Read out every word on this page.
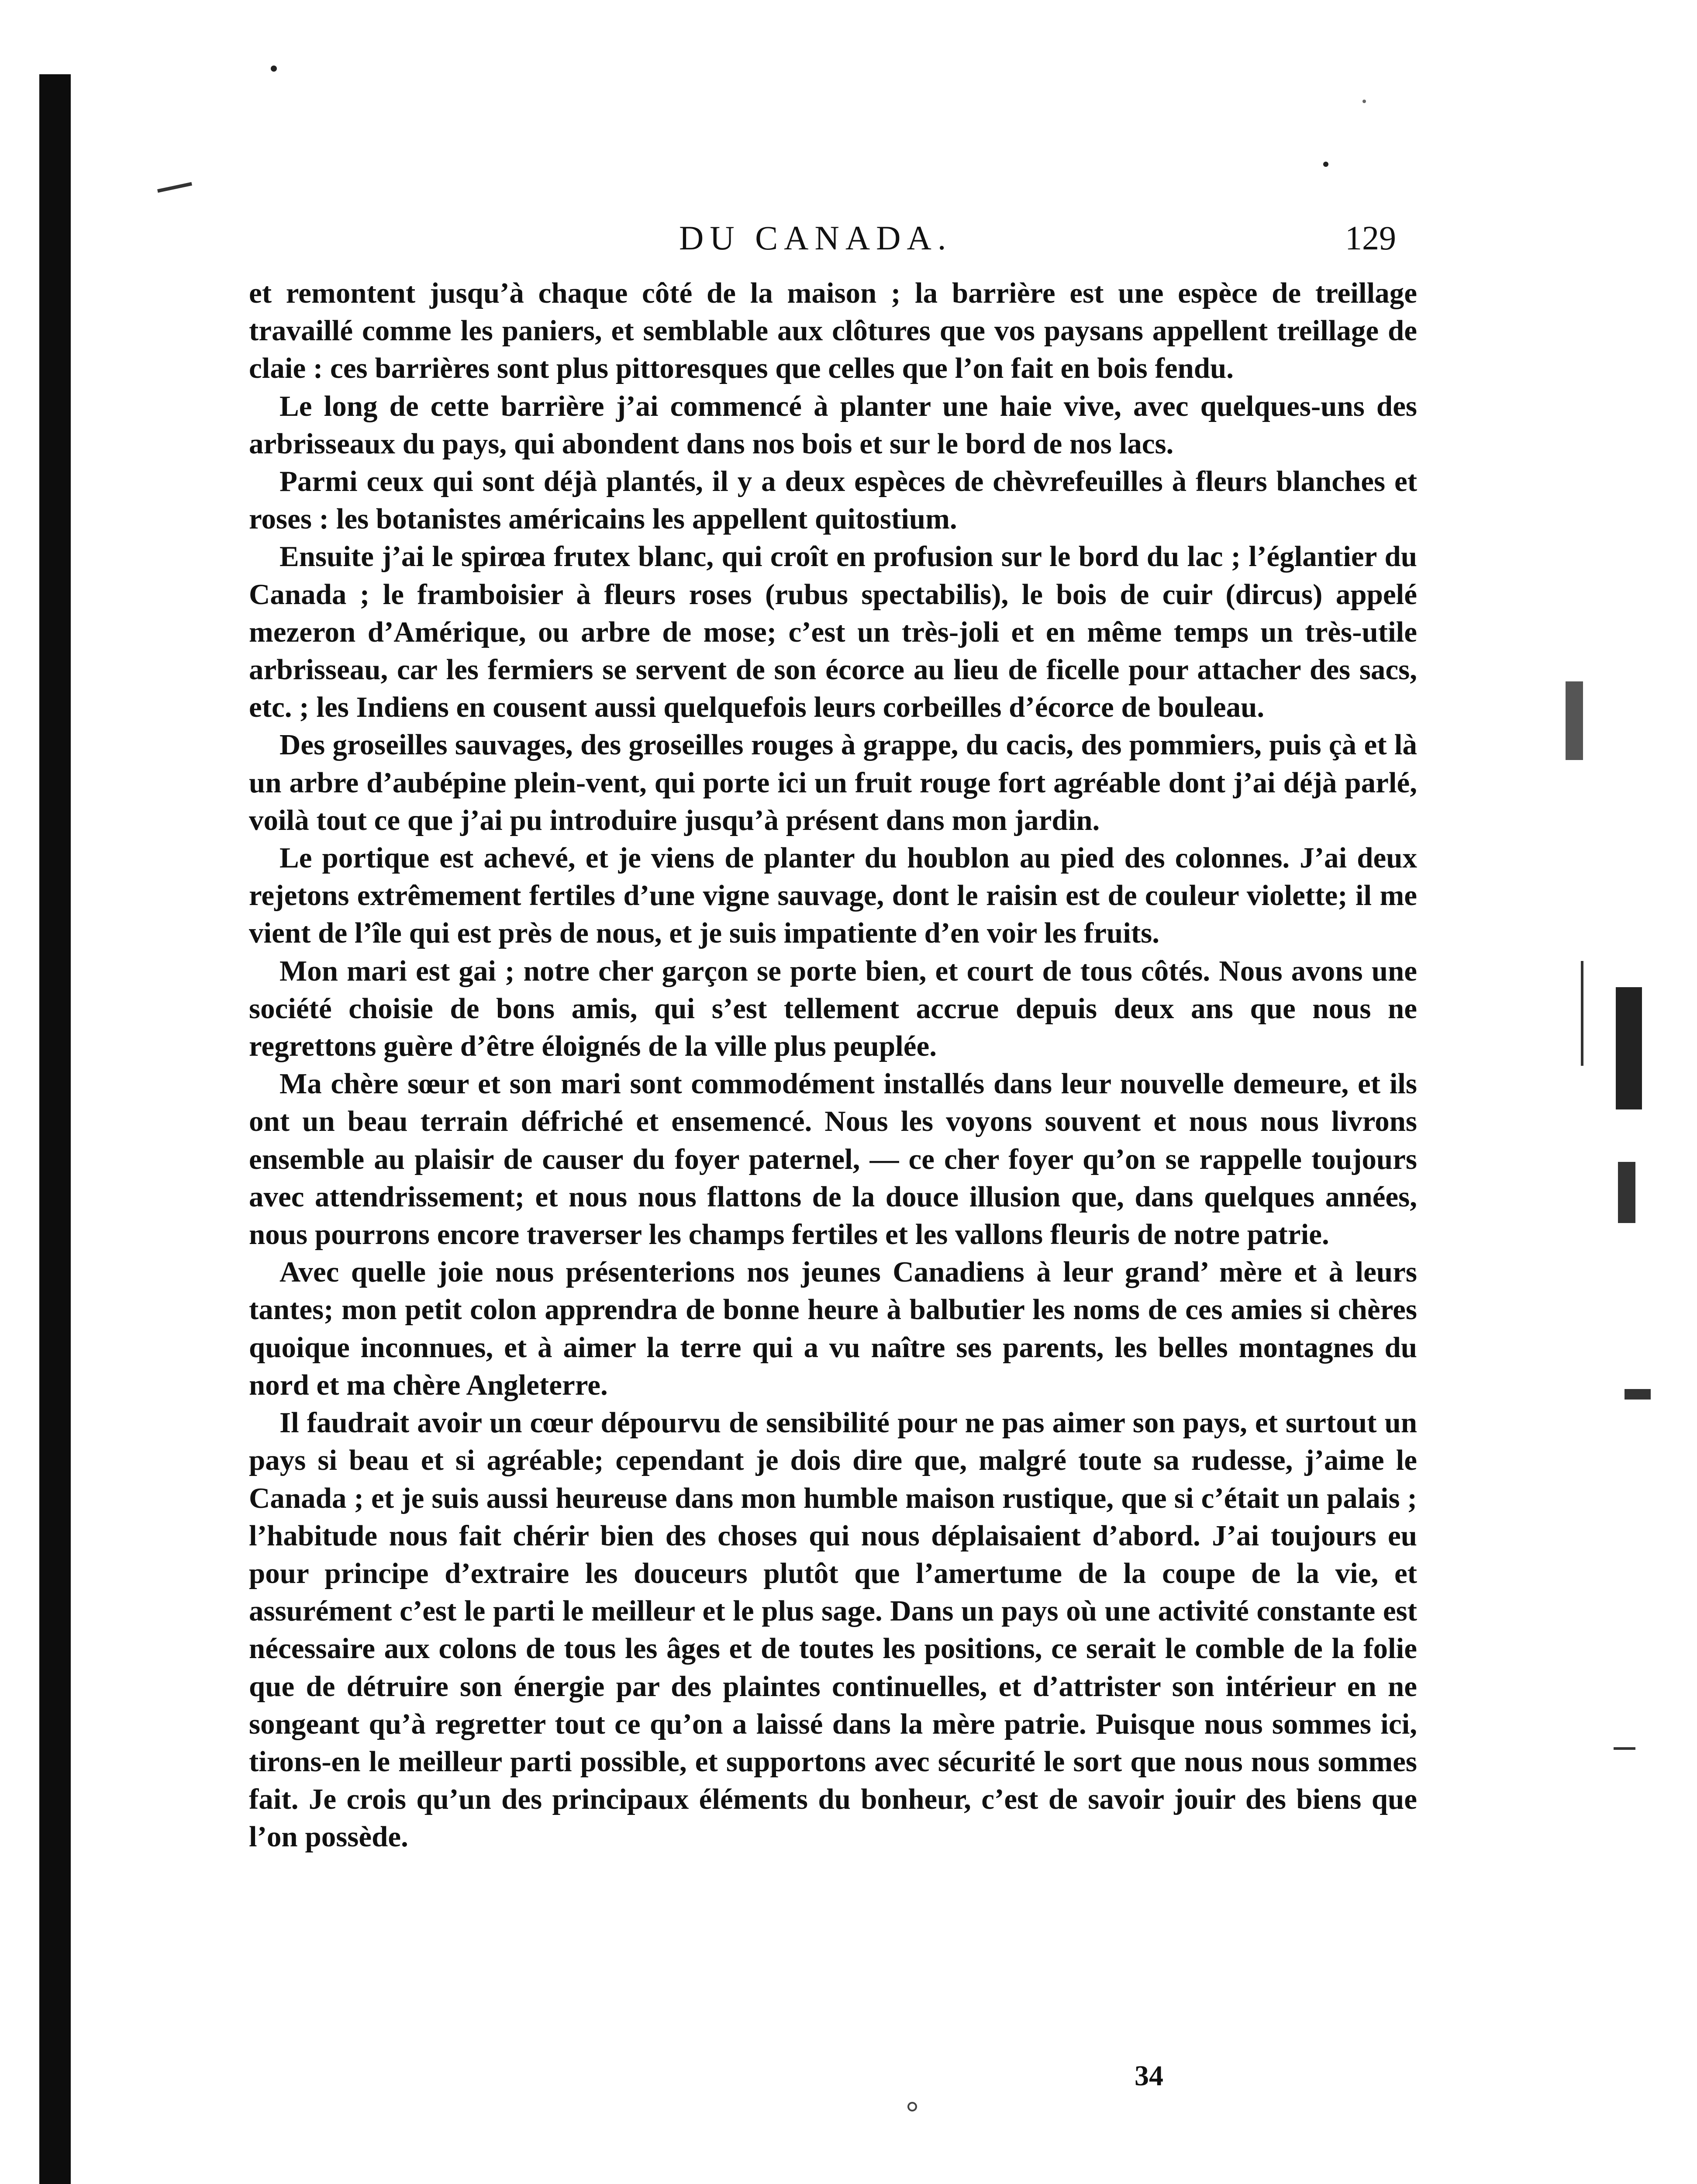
DU CANADA.	129

et remontent jusqu’à chaque côté de la maison ; la barrière est une espèce de treillage travaillé comme les paniers, et semblable aux clôtures que vos paysans appellent treillage de claie : ces barrières sont plus pittoresques que celles que l’on fait en bois fendu.

Le long de cette barrière j’ai commencé à planter une haie vive, avec quelques-uns des arbrisseaux du pays, qui abondent dans nos bois et sur le bord de nos lacs.

Parmi ceux qui sont déjà plantés, il y a deux espèces de chèvrefeuilles à fleurs blanches et roses : les botanistes américains les appellent quitostium.

Ensuite j’ai le spirœa frutex blanc, qui croît en profusion sur le bord du lac ; l’églantier du Canada ; le framboisier à fleurs roses (rubus spectabilis), le bois de cuir (dircus) appelé mezeron d’Amérique, ou arbre de mose; c’est un très-joli et en même temps un très-utile arbrisseau, car les fermiers se servent de son écorce au lieu de ficelle pour attacher des sacs, etc. ; les Indiens en cousent aussi quelquefois leurs corbeilles d’écorce de bouleau.

Des groseilles sauvages, des groseilles rouges à grappe, du cacis, des pommiers, puis çà et là un arbre d’aubépine plein-vent, qui porte ici un fruit rouge fort agréable dont j’ai déjà parlé, voilà tout ce que j’ai pu introduire jusqu’à présent dans mon jardin.

Le portique est achevé, et je viens de planter du houblon au pied des colonnes. J’ai deux rejetons extrêmement fertiles d’une vigne sauvage, dont le raisin est de couleur violette; il me vient de l’île qui est près de nous, et je suis impatiente d’en voir les fruits.

Mon mari est gai ; notre cher garçon se porte bien, et court de tous côtés. Nous avons une société choisie de bons amis, qui s’est tellement accrue depuis deux ans que nous ne regrettons guère d’être éloignés de la ville plus peuplée.

Ma chère sœur et son mari sont commodément installés dans leur nouvelle demeure, et ils ont un beau terrain défriché et ensemencé. Nous les voyons souvent et nous nous livrons ensemble au plaisir de causer du foyer paternel, — ce cher foyer qu’on se rappelle toujours avec attendrissement; et nous nous flattons de la douce illusion que, dans quelques années, nous pourrons encore traverser les champs fertiles et les vallons fleuris de notre patrie.

Avec quelle joie nous présenterions nos jeunes Canadiens à leur grand’ mère et à leurs tantes; mon petit colon apprendra de bonne heure à balbutier les noms de ces amies si chères quoique inconnues, et à aimer la terre qui a vu naître ses parents, les belles montagnes du nord et ma chère Angleterre.

Il faudrait avoir un cœur dépourvu de sensibilité pour ne pas aimer son pays, et surtout un pays si beau et si agréable; cependant je dois dire que, malgré toute sa rudesse, j’aime le Canada ; et je suis aussi heureuse dans mon humble maison rustique, que si c’était un palais ; l’habitude nous fait chérir bien des choses qui nous déplaisaient d’abord. J’ai toujours eu pour principe d’extraire les douceurs plutôt que l’amertume de la coupe de la vie, et assurément c’est le parti le meilleur et le plus sage. Dans un pays où une activité constante est nécessaire aux colons de tous les âges et de toutes les positions, ce serait le comble de la folie que de détruire son énergie par des plaintes continuelles, et d’attrister son intérieur en ne songeant qu’à regretter tout ce qu’on a laissé dans la mère patrie. Puisque nous sommes ici, tirons-en le meilleur parti possible, et supportons avec sécurité le sort que nous nous sommes fait. Je crois qu’un des principaux éléments du bonheur, c’est de savoir jouir des biens que l’on possède.

34
